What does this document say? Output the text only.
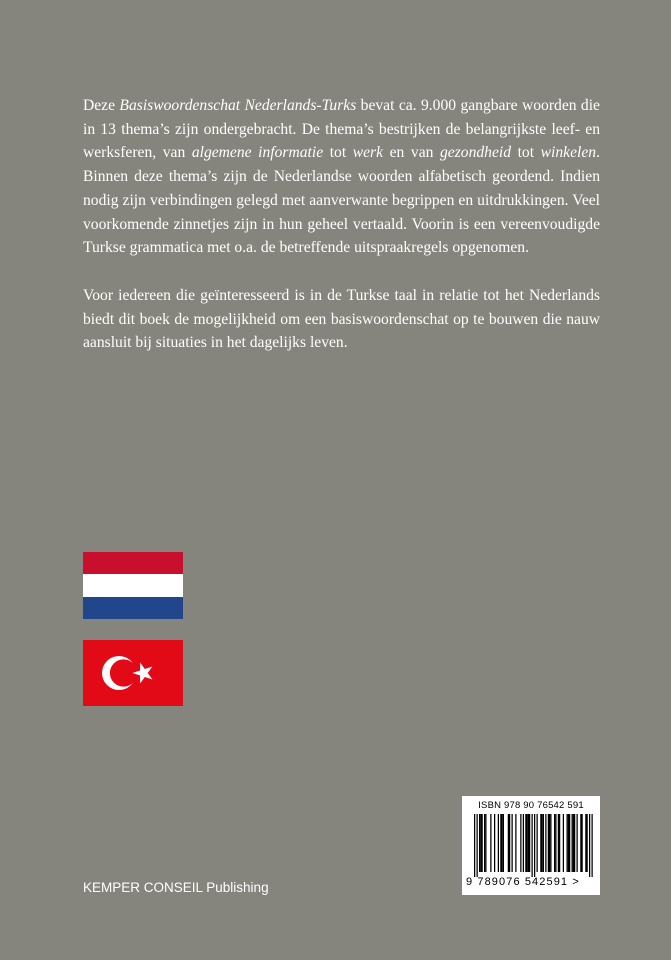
Deze Basiswoordenschat Nederlands-Turks bevat ca. 9.000 gangbare woorden die in 13 thema’s zijn ondergebracht. De thema’s bestrijken de belangrijkste leef- en werksferen, van algemene informatie tot werk en van gezondheid tot winkelen. Binnen deze thema’s zijn de Nederlandse woorden alfabetisch geordend. Indien nodig zijn verbindingen gelegd met aanverwante begrippen en uitdrukkingen. Veel voorkomende zinnetjes zijn in hun geheel vertaald. Voorin is een vereenvoudigde Turkse grammatica met o.a. de betreffende uitspraakregels opgenomen.

Voor iedereen die geïnteresseerd is in de Turkse taal in relatie tot het Nederlands biedt dit boek de mogelijkheid om een basiswoordenschat op te bouwen die nauw aansluit bij situaties in het dagelijks leven.

KEMPER CONSEIL Publishing
ISBN 978 90 76542 591
9 789076 542591 >
